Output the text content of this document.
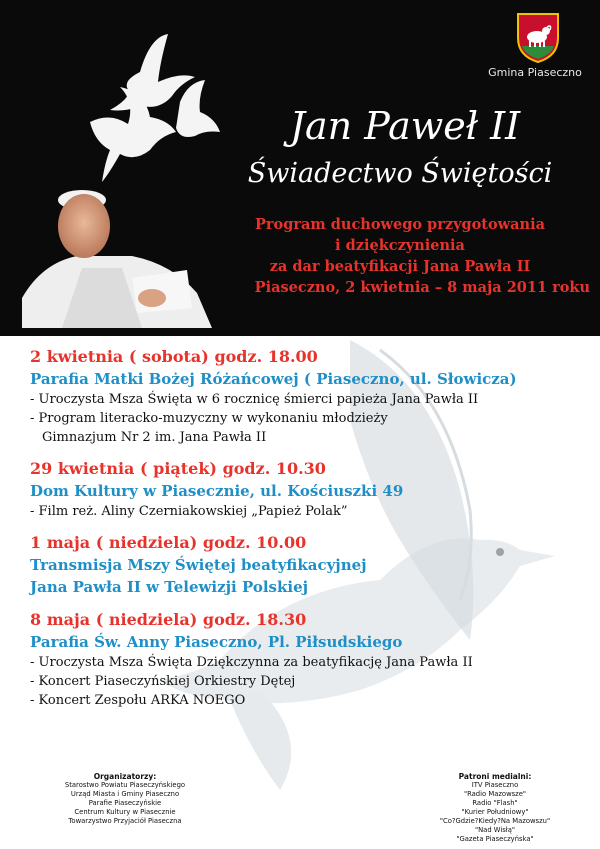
Gmina Piaseczno
Jan Paweł II
Świadectwo Świętości
Program duchowego przygotowania
i dziękczynienia
za dar beatyfikacji Jana Pawła II
Piaseczno, 2 kwietnia – 8 maja 2011 roku
2 kwietnia ( sobota) godz. 18.00
Parafia Matki Bożej Różańcowej ( Piaseczno, ul. Słowicza)
- Uroczysta Msza Święta w 6 rocznicę śmierci papieża Jana Pawła II
- Program literacko-muzyczny w wykonaniu młodzieży
Gimnazjum Nr 2 im. Jana Pawła II
29 kwietnia ( piątek) godz. 10.30
Dom Kultury w Piasecznie, ul. Kościuszki 49
- Film reż. Aliny Czerniakowskiej „Papież Polak”
1 maja ( niedziela) godz. 10.00
Transmisja Mszy Świętej beatyfikacyjnej
Jana Pawła II w Telewizji Polskiej
8 maja ( niedziela) godz. 18.30
Parafia Św. Anny Piaseczno, Pl. Piłsudskiego
- Uroczysta Msza Święta Dziękczynna za beatyfikację Jana Pawła II
- Koncert Piaseczyńskiej Orkiestry Dętej
- Koncert Zespołu ARKA NOEGO
Organizatorzy:
Starostwo Powiatu Piaseczyńskiego
Urząd Miasta i Gminy Piaseczno
Parafie Piaseczyńskie
Centrum Kultury w Piasecznie
Towarzystwo Przyjaciół Piaseczna
Patroni medialni:
ITV Piaseczno
"Radio Mazowsze"
Radio "Flash"
"Kurier Południowy"
"Co?Gdzie?Kiedy?Na Mazowszu"
"Nad Wisłą"
"Gazeta Piaseczyńska"
